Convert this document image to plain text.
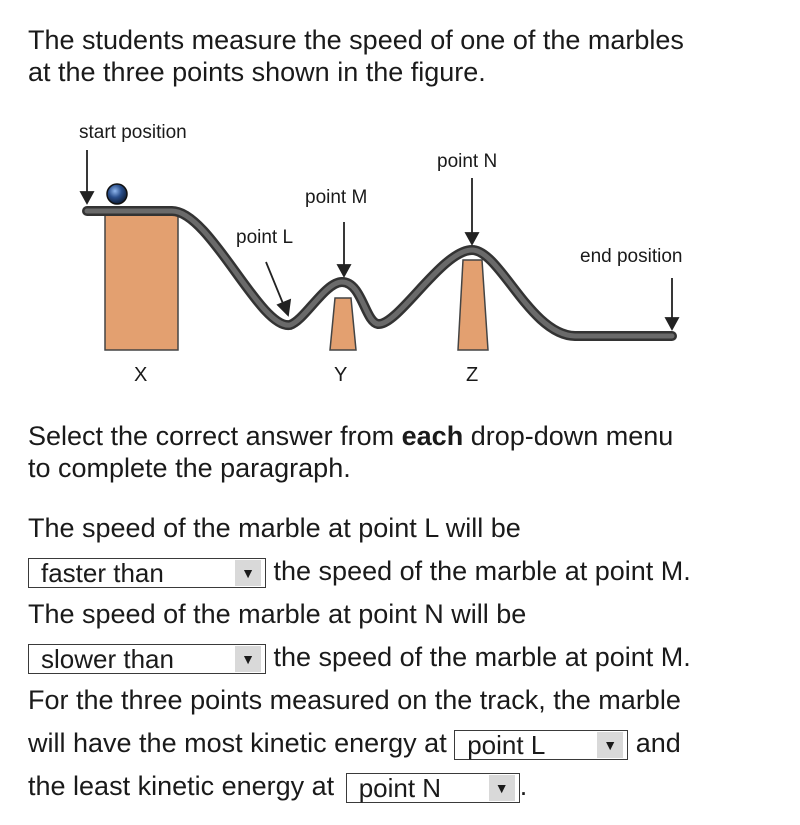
The students measure the speed of one of the marbles
at the three points shown in the figure.

start position
point N
point M
point L
end position
X	Y	Z

Select the correct answer from each drop-down menu
to complete the paragraph.

The speed of the marble at point L will be
faster than	▼ the speed of the marble at point M.
The speed of the marble at point N will be
slower than	▼ the speed of the marble at point M.
For the three points measured on the track, the marble
will have the most kinetic energy at point L	▼ and
the least kinetic energy at point N	▼ .
